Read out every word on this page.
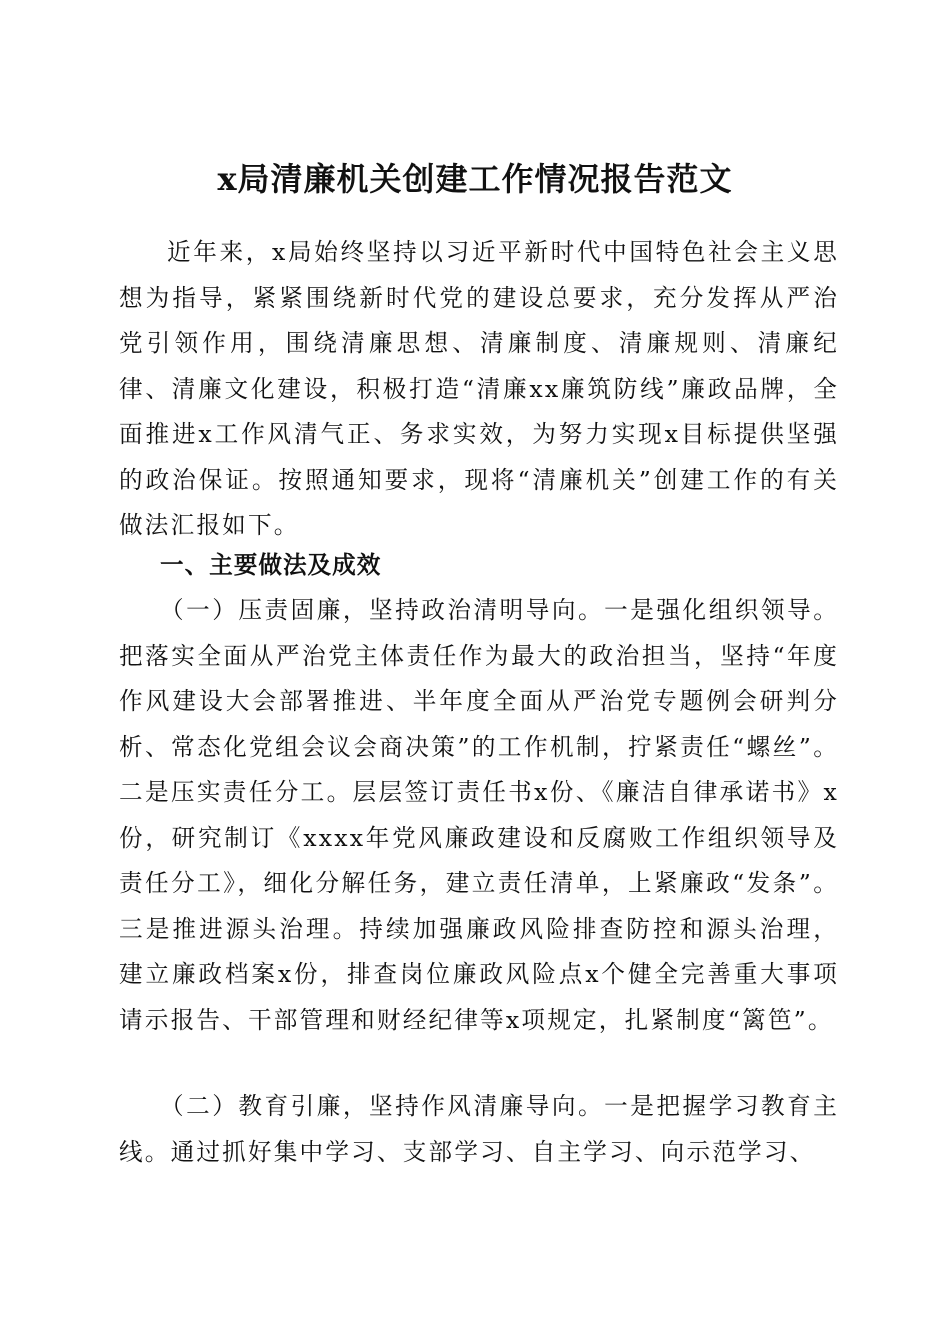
x局清廉机关创建工作情况报告范文

近年来，x局始终坚持以习近平新时代中国特色社会主义思想为指导，紧紧围绕新时代党的建设总要求，充分发挥从严治党引领作用，围绕清廉思想、清廉制度、清廉规则、清廉纪律、清廉文化建设，积极打造“清廉xx廉筑防线”廉政品牌，全面推进x工作风清气正、务求实效，为努力实现x目标提供坚强的政治保证。按照通知要求，现将“清廉机关”创建工作的有关做法汇报如下。

一、主要做法及成效

（一）压责固廉，坚持政治清明导向。一是强化组织领导。把落实全面从严治党主体责任作为最大的政治担当，坚持“年度作风建设大会部署推进、半年度全面从严治党专题例会研判分析、常态化党组会议会商决策”的工作机制，拧紧责任“螺丝”。二是压实责任分工。层层签订责任书x份、《廉洁自律承诺书》x份，研究制订《xxxx年党风廉政建设和反腐败工作组织领导及责任分工》，细化分解任务，建立责任清单，上紧廉政“发条”。三是推进源头治理。持续加强廉政风险排查防控和源头治理，建立廉政档案x份，排查岗位廉政风险点x个健全完善重大事项请示报告、干部管理和财经纪律等x项规定，扎紧制度“篱笆”。

（二）教育引廉，坚持作风清廉导向。一是把握学习教育主线。通过抓好集中学习、支部学习、自主学习、向示范学习、
